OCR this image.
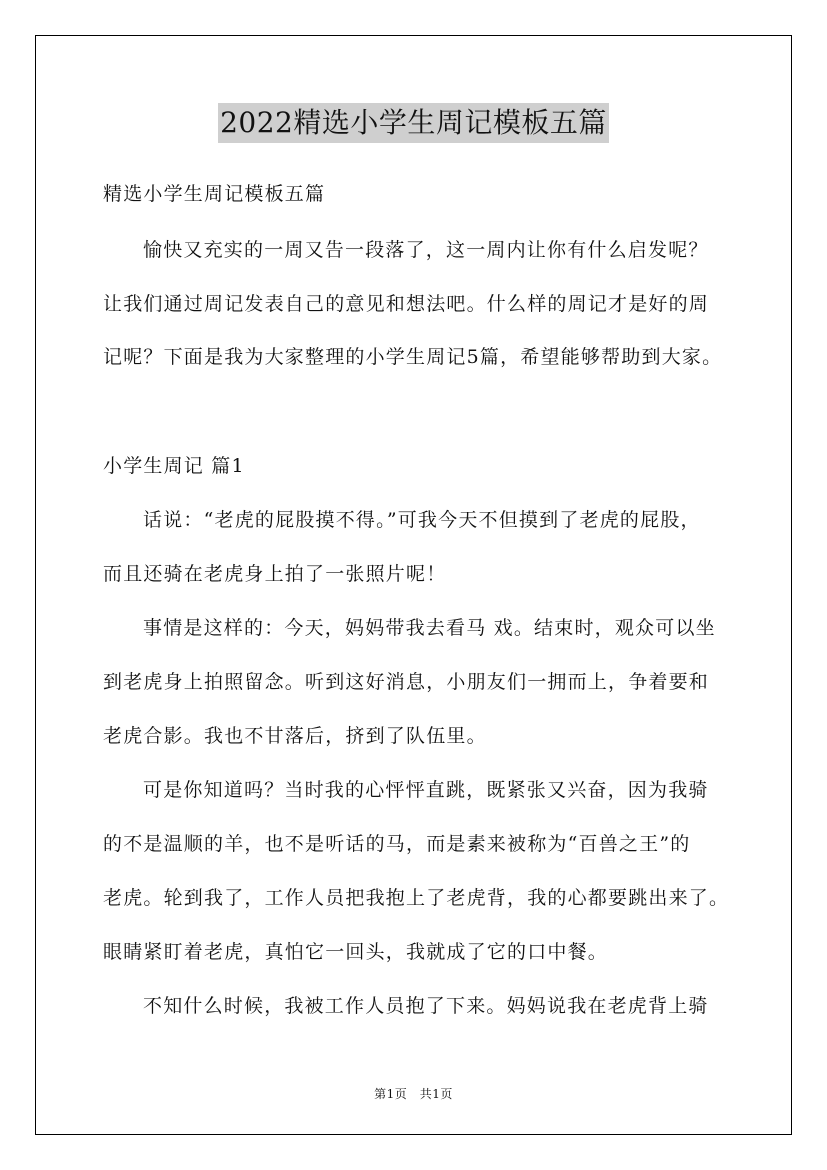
2022精选小学生周记模板五篇
精选小学生周记模板五篇
愉快又充实的一周又告一段落了，这一周内让你有什么启发呢？
让我们通过周记发表自己的意见和想法吧。什么样的周记才是好的周
记呢？下面是我为大家整理的小学生周记5篇，希望能够帮助到大家。
小学生周记 篇1
话说：“老虎的屁股摸不得。”可我今天不但摸到了老虎的屁股，
而且还骑在老虎身上拍了一张照片呢！
事情是这样的：今天，妈妈带我去看马 戏。结束时，观众可以坐
到老虎身上拍照留念。听到这好消息，小朋友们一拥而上，争着要和
老虎合影。我也不甘落后，挤到了队伍里。
可是你知道吗？当时我的心怦怦直跳，既紧张又兴奋，因为我骑
的不是温顺的羊，也不是听话的马，而是素来被称为“百兽之王”的
老虎。轮到我了，工作人员把我抱上了老虎背，我的心都要跳出来了。
眼睛紧盯着老虎，真怕它一回头，我就成了它的口中餐。
不知什么时候，我被工作人员抱了下来。妈妈说我在老虎背上骑
第1页　共1页
